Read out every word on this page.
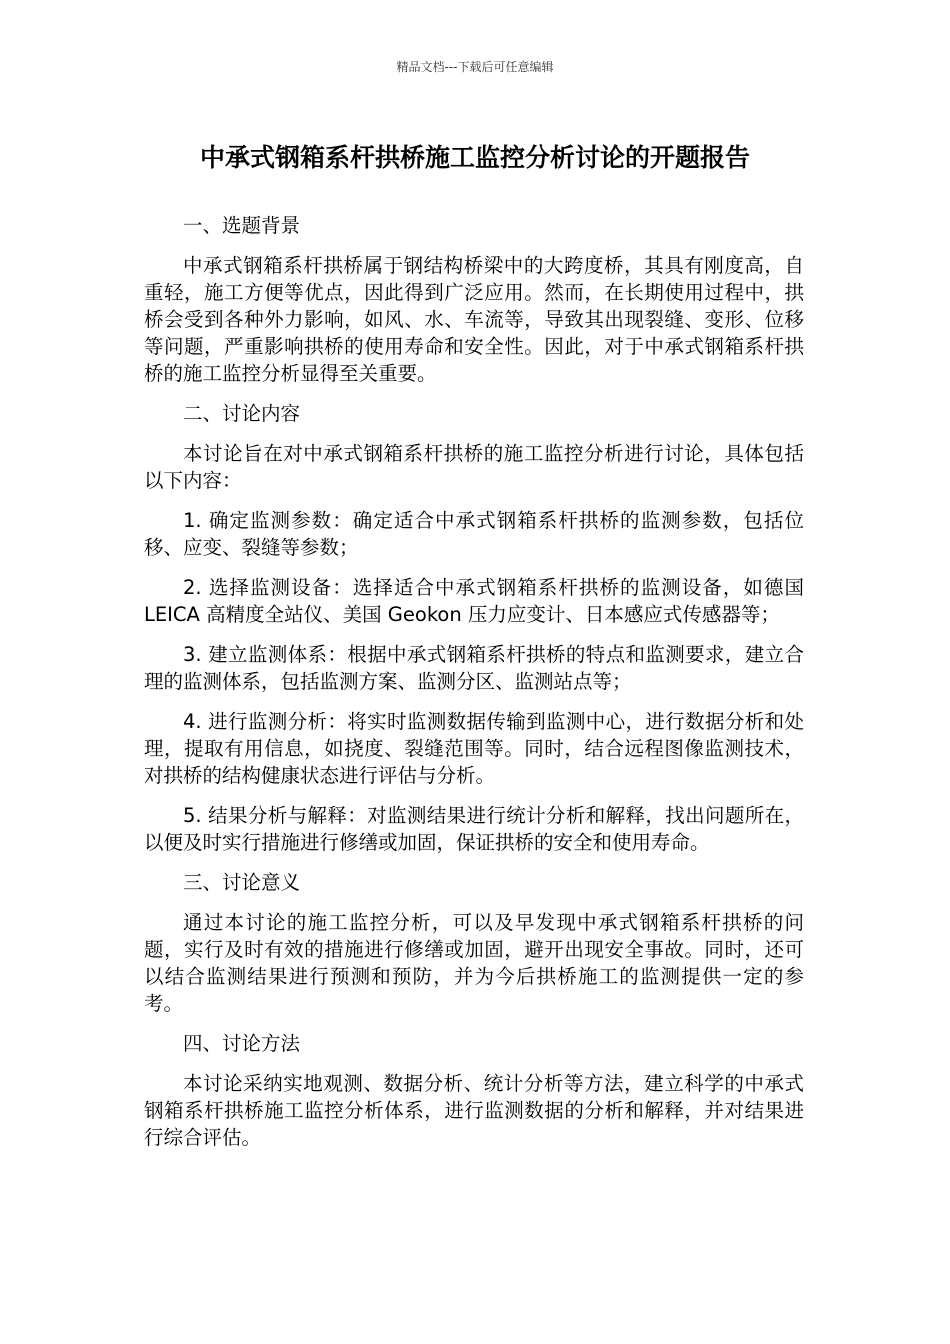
精品文档---下载后可任意编辑
中承式钢箱系杆拱桥施工监控分析讨论的开题报告

一、选题背景

中承式钢箱系杆拱桥属于钢结构桥梁中的大跨度桥，其具有刚度高，自重轻，施工方便等优点，因此得到广泛应用。然而，在长期使用过程中，拱桥会受到各种外力影响，如风、水、车流等，导致其出现裂缝、变形、位移等问题，严重影响拱桥的使用寿命和安全性。因此，对于中承式钢箱系杆拱桥的施工监控分析显得至关重要。

二、讨论内容

本讨论旨在对中承式钢箱系杆拱桥的施工监控分析进行讨论，具体包括以下内容：

1. 确定监测参数：确定适合中承式钢箱系杆拱桥的监测参数，包括位移、应变、裂缝等参数；

2. 选择监测设备：选择适合中承式钢箱系杆拱桥的监测设备，如德国 LEICA 高精度全站仪、美国 Geokon 压力应变计、日本感应式传感器等；

3. 建立监测体系：根据中承式钢箱系杆拱桥的特点和监测要求，建立合理的监测体系，包括监测方案、监测分区、监测站点等；

4. 进行监测分析：将实时监测数据传输到监测中心，进行数据分析和处理，提取有用信息，如挠度、裂缝范围等。同时，结合远程图像监测技术，对拱桥的结构健康状态进行评估与分析。

5. 结果分析与解释：对监测结果进行统计分析和解释，找出问题所在，以便及时实行措施进行修缮或加固，保证拱桥的安全和使用寿命。

三、讨论意义

通过本讨论的施工监控分析，可以及早发现中承式钢箱系杆拱桥的问题，实行及时有效的措施进行修缮或加固，避开出现安全事故。同时，还可以结合监测结果进行预测和预防，并为今后拱桥施工的监测提供一定的参考。

四、讨论方法

本讨论采纳实地观测、数据分析、统计分析等方法，建立科学的中承式钢箱系杆拱桥施工监控分析体系，进行监测数据的分析和解释，并对结果进行综合评估。
